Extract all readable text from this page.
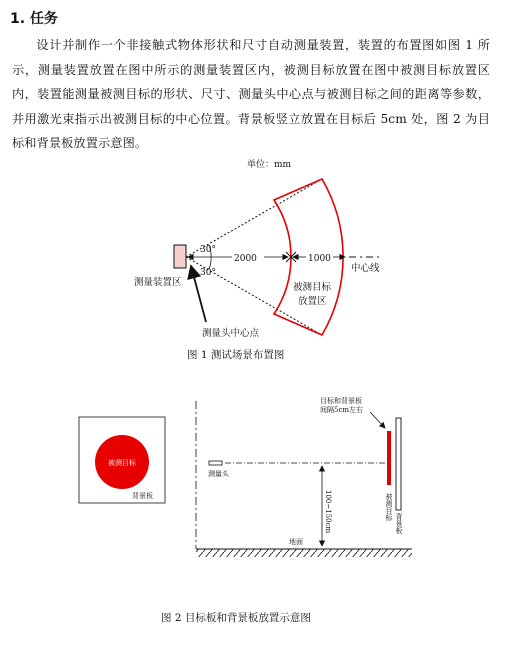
1. 任务
设计并制作一个非接触式物体形状和尺寸自动测量装置，装置的布置图如图 1 所示，测量装置放置在图中所示的测量装置区内，被测目标放置在图中被测目标放置区内，装置能测量被测目标的形状、尺寸、测量头中心点与被测目标之间的距离等参数，并用激光束指示出被测目标的中心位置。背景板竖立放置在目标后 5cm 处，图 2 为目标和背景板放置示意图。
单位：mm
30°
30°
2000	1000
中心线
被测目标
放置区
测量装置区
测量头中心点
图 1 测试场景布置图
被测目标
背景板
测量头
100~150cm
地面
目标和背景板
间隔5cm左右
被测目标
背景板
图 2 目标板和背景板放置示意图
